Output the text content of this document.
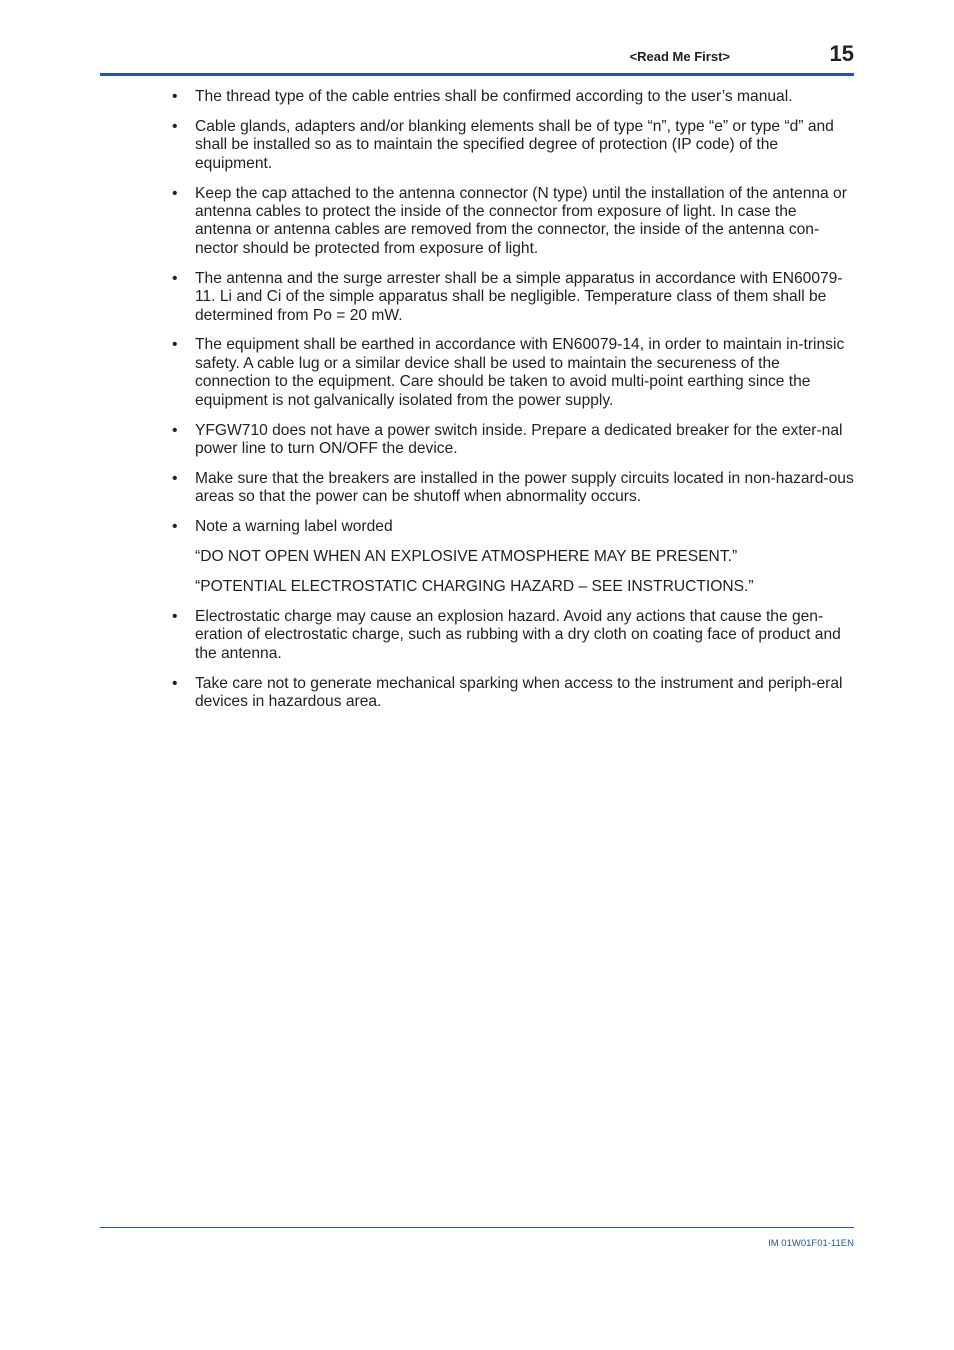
<Read Me First>	15
• The thread type of the cable entries shall be confirmed according to the user’s manual.
• Cable glands, adapters and/or blanking elements shall be of type “n”, type “e” or type “d” and shall be installed so as to maintain the specified degree of protection (IP code) of the equipment.
• Keep the cap attached to the antenna connector (N type) until the installation of the antenna or antenna cables to protect the inside of the connector from exposure of light. In case the antenna or antenna cables are removed from the connector, the inside of the antenna con-nector should be protected from exposure of light.
• The antenna and the surge arrester shall be a simple apparatus in accordance with EN60079-11. Li and Ci of the simple apparatus shall be negligible. Temperature class of them shall be determined from Po = 20 mW.
• The equipment shall be earthed in accordance with EN60079-14, in order to maintain in-trinsic safety. A cable lug or a similar device shall be used to maintain the secureness of the connection to the equipment. Care should be taken to avoid multi-point earthing since the equipment is not galvanically isolated from the power supply.
• YFGW710 does not have a power switch inside. Prepare a dedicated breaker for the exter-nal power line to turn ON/OFF the device.
• Make sure that the breakers are installed in the power supply circuits located in non-hazard-ous areas so that the power can be shutoff when abnormality occurs.
• Note a warning label worded
“DO NOT OPEN WHEN AN EXPLOSIVE ATMOSPHERE MAY BE PRESENT.”
“POTENTIAL ELECTROSTATIC CHARGING HAZARD – SEE INSTRUCTIONS.”
• Electrostatic charge may cause an explosion hazard. Avoid any actions that cause the gen-eration of electrostatic charge, such as rubbing with a dry cloth on coating face of product and the antenna.
• Take care not to generate mechanical sparking when access to the instrument and periph-eral devices in hazardous area.
IM 01W01F01-11EN
